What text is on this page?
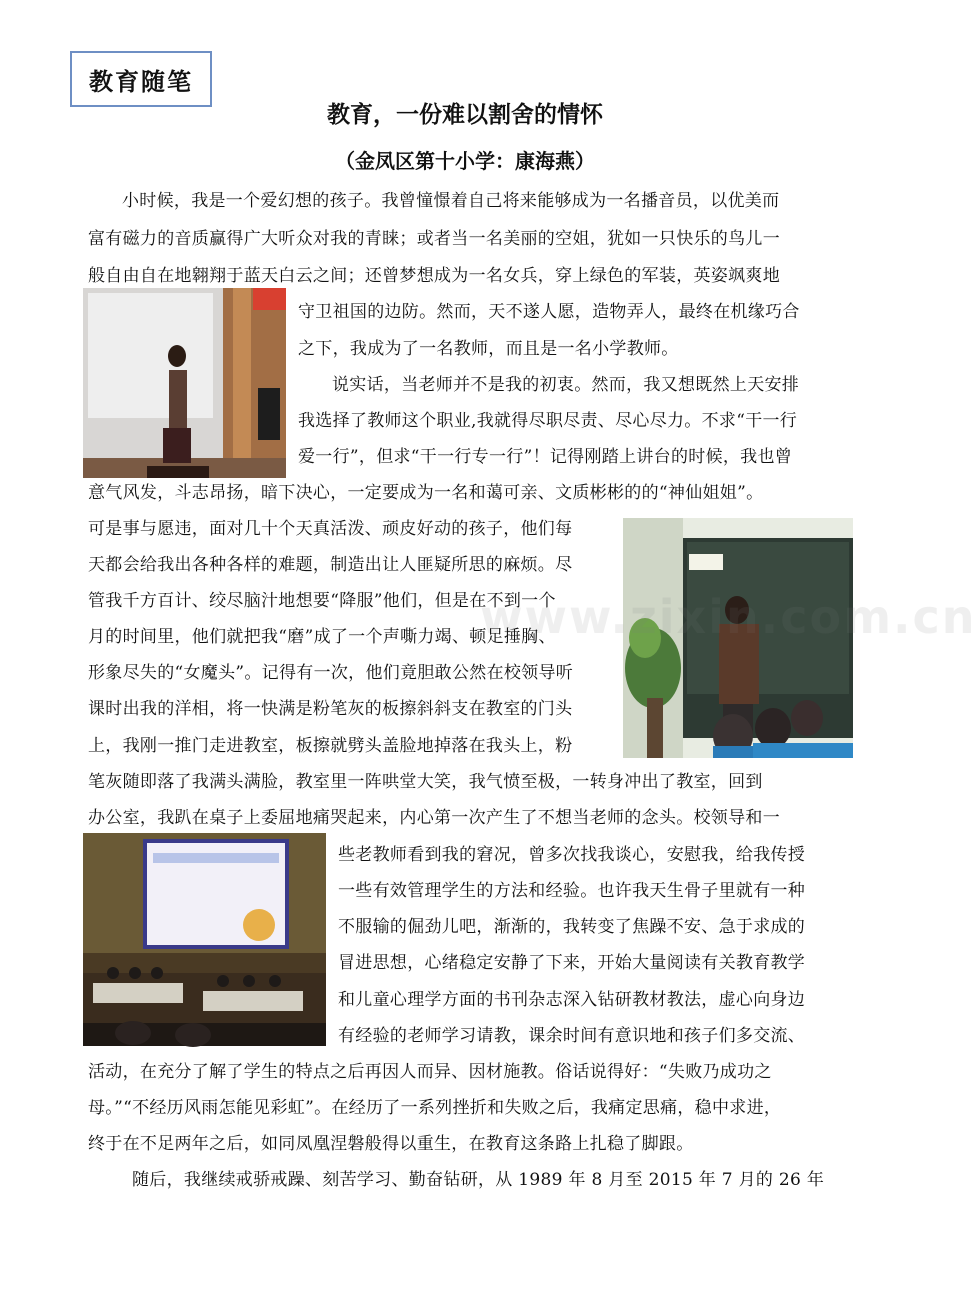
教育随笔
教育，一份难以割舍的情怀
（金凤区第十小学：康海燕）
www.zixin.com.cn
小时候，我是一个爱幻想的孩子。我曾憧憬着自己将来能够成为一名播音员，以优美而
富有磁力的音质赢得广大听众对我的青睐；或者当一名美丽的空姐，犹如一只快乐的鸟儿一
般自由自在地翱翔于蓝天白云之间；还曾梦想成为一名女兵，穿上绿色的军装，英姿飒爽地
守卫祖国的边防。然而，天不遂人愿，造物弄人，最终在机缘巧合
之下，我成为了一名教师，而且是一名小学教师。
说实话，当老师并不是我的初衷。然而，我又想既然上天安排
我选择了教师这个职业,我就得尽职尽责、尽心尽力。不求“干一行
爱一行”，但求“干一行专一行”！记得刚踏上讲台的时候，我也曾
意气风发，斗志昂扬，暗下决心，一定要成为一名和蔼可亲、文质彬彬的的“神仙姐姐”。
可是事与愿违，面对几十个天真活泼、顽皮好动的孩子，他们每
天都会给我出各种各样的难题，制造出让人匪疑所思的麻烦。尽
管我千方百计、绞尽脑汁地想要“降服”他们，但是在不到一个
月的时间里，他们就把我“磨”成了一个声嘶力竭、顿足捶胸、
形象尽失的“女魔头”。记得有一次，他们竟胆敢公然在校领导听
课时出我的洋相，将一快满是粉笔灰的板擦斜斜支在教室的门头
上，我刚一推门走进教室，板擦就劈头盖脸地掉落在我头上，粉
笔灰随即落了我满头满脸，教室里一阵哄堂大笑，我气愤至极，一转身冲出了教室，回到
办公室，我趴在桌子上委屈地痛哭起来，内心第一次产生了不想当老师的念头。校领导和一
些老教师看到我的窘况，曾多次找我谈心，安慰我，给我传授
一些有效管理学生的方法和经验。也许我天生骨子里就有一种
不服输的倔劲儿吧，渐渐的，我转变了焦躁不安、急于求成的
冒进思想，心绪稳定安静了下来，开始大量阅读有关教育教学
和儿童心理学方面的书刊杂志深入钻研教材教法，虚心向身边
有经验的老师学习请教，课余时间有意识地和孩子们多交流、
活动，在充分了解了学生的特点之后再因人而异、因材施教。俗话说得好：“失败乃成功之
母。”“不经历风雨怎能见彩虹”。在经历了一系列挫折和失败之后，我痛定思痛，稳中求进，
终于在不足两年之后，如同凤凰涅磐般得以重生，在教育这条路上扎稳了脚跟。
随后，我继续戒骄戒躁、刻苦学习、勤奋钻研，从 1989 年 8 月至 2015 年 7 月的 26 年
